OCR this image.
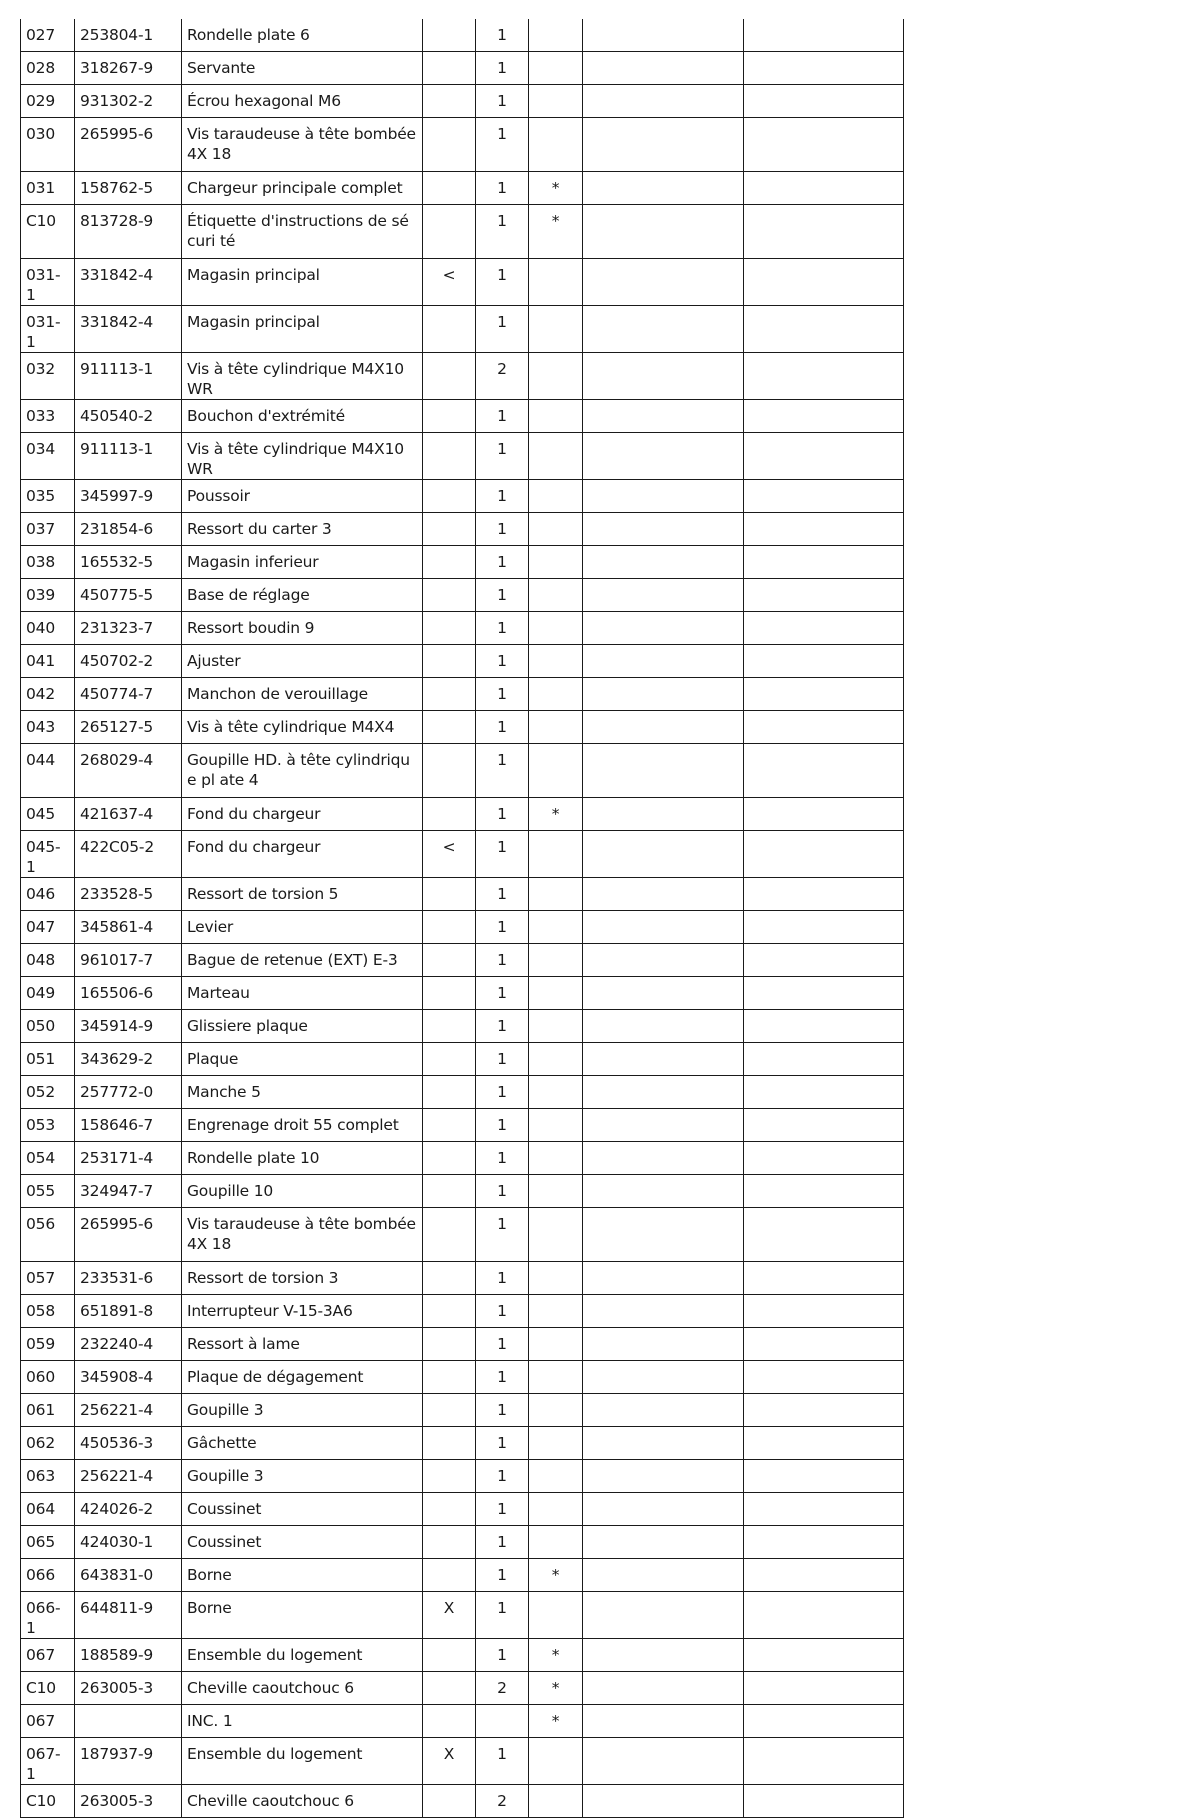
027	253804-1	Rondelle plate 6		1			
028	318267-9	Servante		1			
029	931302-2	Écrou hexagonal M6		1			
030	265995-6	Vis taraudeuse à tête bombée 4X 18		1			
031	158762-5	Chargeur principale complet		1	*		
C10	813728-9	Étiquette d'instructions de sécuri té		1	*		
031-1	331842-4	Magasin principal	<	1			
031-1	331842-4	Magasin principal		1			
032	911113-1	Vis à tête cylindrique M4X10 WR		2			
033	450540-2	Bouchon d'extrémité		1			
034	911113-1	Vis à tête cylindrique M4X10 WR		1			
035	345997-9	Poussoir		1			
037	231854-6	Ressort du carter 3		1			
038	165532-5	Magasin inferieur		1			
039	450775-5	Base de réglage		1			
040	231323-7	Ressort boudin 9		1			
041	450702-2	Ajuster		1			
042	450774-7	Manchon de verouillage		1			
043	265127-5	Vis à tête cylindrique M4X4		1			
044	268029-4	Goupille HD. à tête cylindrique pl ate 4		1			
045	421637-4	Fond du chargeur		1	*		
045-1	422C05-2	Fond du chargeur	<	1			
046	233528-5	Ressort de torsion 5		1			
047	345861-4	Levier		1			
048	961017-7	Bague de retenue (EXT) E-3		1			
049	165506-6	Marteau		1			
050	345914-9	Glissiere plaque		1			
051	343629-2	Plaque		1			
052	257772-0	Manche 5		1			
053	158646-7	Engrenage droit 55 complet		1			
054	253171-4	Rondelle plate 10		1			
055	324947-7	Goupille 10		1			
056	265995-6	Vis taraudeuse à tête bombée 4X 18		1			
057	233531-6	Ressort de torsion 3		1			
058	651891-8	Interrupteur V-15-3A6		1			
059	232240-4	Ressort à lame		1			
060	345908-4	Plaque de dégagement		1			
061	256221-4	Goupille 3		1			
062	450536-3	Gâchette		1			
063	256221-4	Goupille 3		1			
064	424026-2	Coussinet		1			
065	424030-1	Coussinet		1			
066	643831-0	Borne		1	*		
066-1	644811-9	Borne	X	1			
067	188589-9	Ensemble du logement		1	*		
C10	263005-3	Cheville caoutchouc 6		2	*		
067		INC. 1			*		
067-1	187937-9	Ensemble du logement	X	1			
C10	263005-3	Cheville caoutchouc 6		2			
